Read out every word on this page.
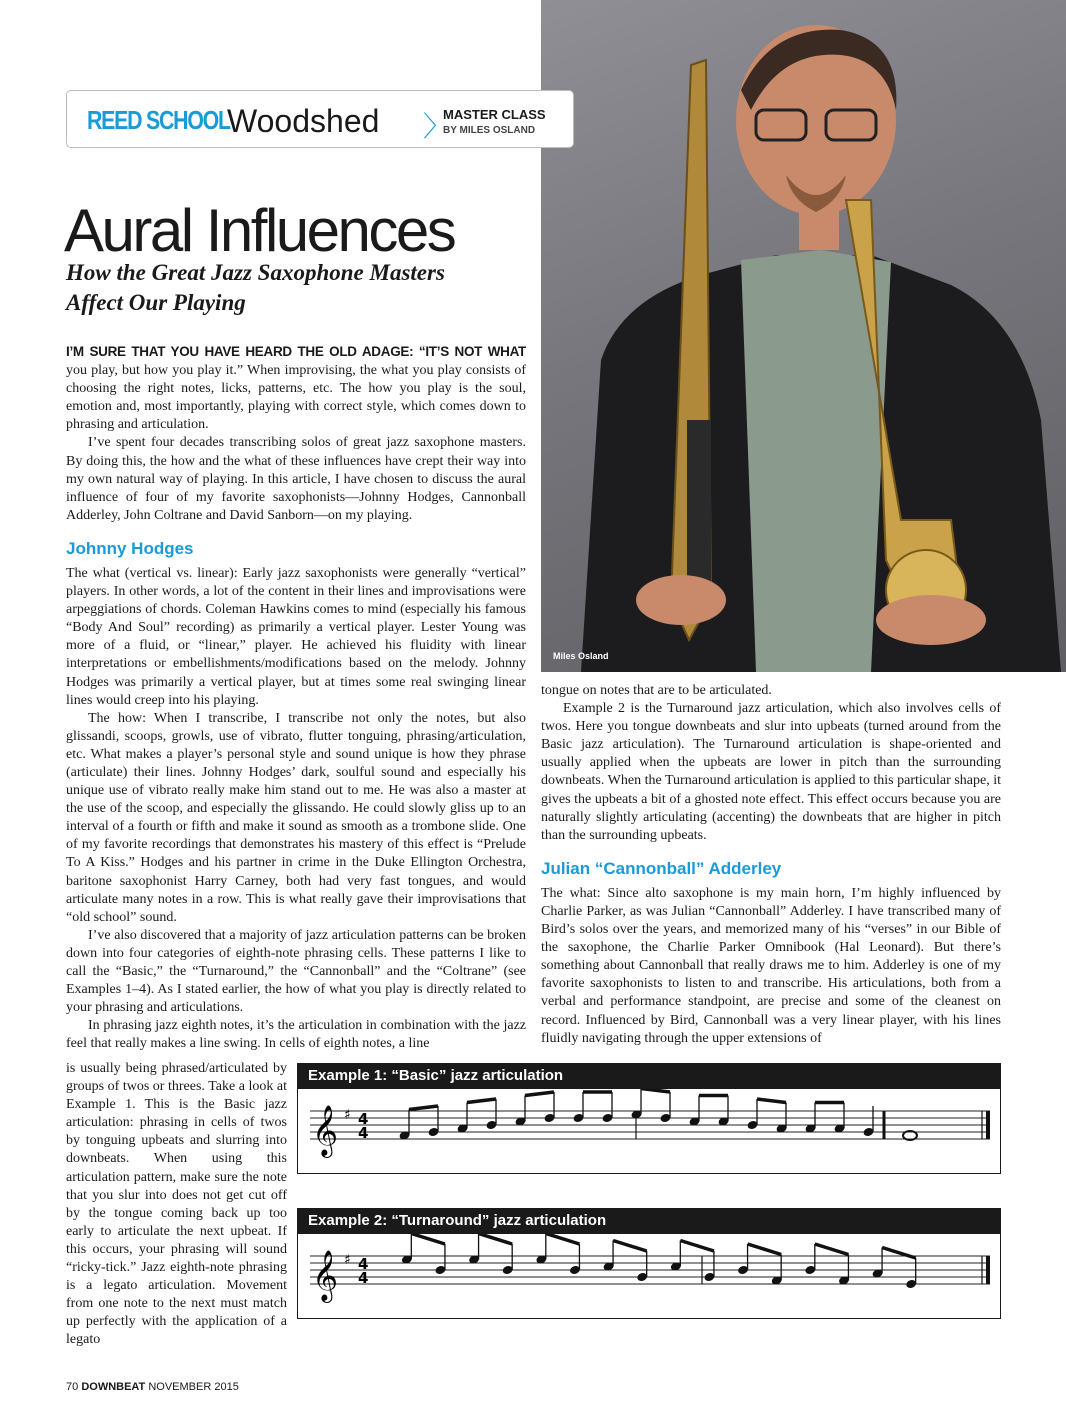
Miles Osland
REED SCHOOL
Woodshed 〉
MASTER CLASS
BY MILES OSLAND
Aural Influences
How the Great Jazz Saxophone Masters Affect Our Playing

I’M SURE THAT YOU HAVE HEARD THE OLD ADAGE: “IT’S NOT WHAT you play, but how you play it.” When improvising, the what you play consists of choosing the right notes, licks, patterns, etc. The how you play is the soul, emotion and, most importantly, playing with correct style, which comes down to phrasing and articulation.

I’ve spent four decades transcribing solos of great jazz saxophone masters. By doing this, the how and the what of these influences have crept their way into my own natural way of playing. In this article, I have chosen to discuss the aural influence of four of my favorite saxophonists—Johnny Hodges, Cannonball Adderley, John Coltrane and David Sanborn—on my playing.

Johnny Hodges

The what (vertical vs. linear): Early jazz saxophonists were generally “vertical” players. In other words, a lot of the content in their lines and improvisations were arpeggiations of chords. Coleman Hawkins comes to mind (especially his famous “Body And Soul” recording) as primarily a vertical player. Lester Young was more of a fluid, or “linear,” player. He achieved his fluidity with linear interpretations or embellishments/modifications based on the melody. Johnny Hodges was primarily a vertical player, but at times some real swinging linear lines would creep into his playing.

The how: When I transcribe, I transcribe not only the notes, but also glissandi, scoops, growls, use of vibrato, flutter tonguing, phrasing/articulation, etc. What makes a player’s personal style and sound unique is how they phrase (articulate) their lines. Johnny Hodges’ dark, soulful sound and especially his unique use of vibrato really make him stand out to me. He was also a master at the use of the scoop, and especially the glissando. He could slowly gliss up to an interval of a fourth or fifth and make it sound as smooth as a trombone slide. One of my favorite recordings that demonstrates his mastery of this effect is “Prelude To A Kiss.” Hodges and his partner in crime in the Duke Ellington Orchestra, baritone saxophonist Harry Carney, both had very fast tongues, and would articulate many notes in a row. This is what really gave their improvisations that “old school” sound.

I’ve also discovered that a majority of jazz articulation patterns can be broken down into four categories of eighth-note phrasing cells. These patterns I like to call the “Basic,” the “Turnaround,” the “Cannonball” and the “Coltrane” (see Examples 1–4). As I stated earlier, the how of what you play is directly related to your phrasing and articulations.

In phrasing jazz eighth notes, it’s the articulation in combination with the jazz feel that really makes a line swing. In cells of eighth notes, a line

is usually being phrased/articulated by groups of twos or threes. Take a look at Example 1. This is the Basic jazz articulation: phrasing in cells of twos by tonguing upbeats and slurring into downbeats. When using this articulation pattern, make sure the note that you slur into does not get cut off by the tongue coming back up too early to articulate the next upbeat. If this occurs, your phrasing will sound “ricky-tick.” Jazz eighth-note phrasing is a legato articulation. Movement from one note to the next must match up perfectly with the application of a legato

tongue on notes that are to be articulated.

Example 2 is the Turnaround jazz articulation, which also involves cells of twos. Here you tongue downbeats and slur into upbeats (turned around from the Basic jazz articulation). The Turnaround articulation is shape-oriented and usually applied when the upbeats are lower in pitch than the surrounding downbeats. When the Turnaround articulation is applied to this particular shape, it gives the upbeats a bit of a ghosted note effect. This effect occurs because you are naturally slightly articulating (accenting) the downbeats that are higher in pitch than the surrounding upbeats.

Julian “Cannonball” Adderley

The what: Since alto saxophone is my main horn, I’m highly influenced by Charlie Parker, as was Julian “Cannonball” Adderley. I have transcribed many of Bird’s solos over the years, and memorized many of his “verses” in our Bible of the saxophone, the Charlie Parker Omnibook (Hal Leonard). But there’s something about Cannonball that really draws me to him. Adderley is one of my favorite saxophonists to listen to and transcribe. His articulations, both from a verbal and performance standpoint, are precise and some of the cleanest on record. Influenced by Bird, Cannonball was a very linear player, with his lines fluidly navigating through the upper extensions of

Example 1: “Basic” jazz articulation
𝄞 ♯ 4
4
Example 2: “Turnaround” jazz articulation
𝄞 ♯ 4
4
70 DOWNBEAT NOVEMBER 2015
